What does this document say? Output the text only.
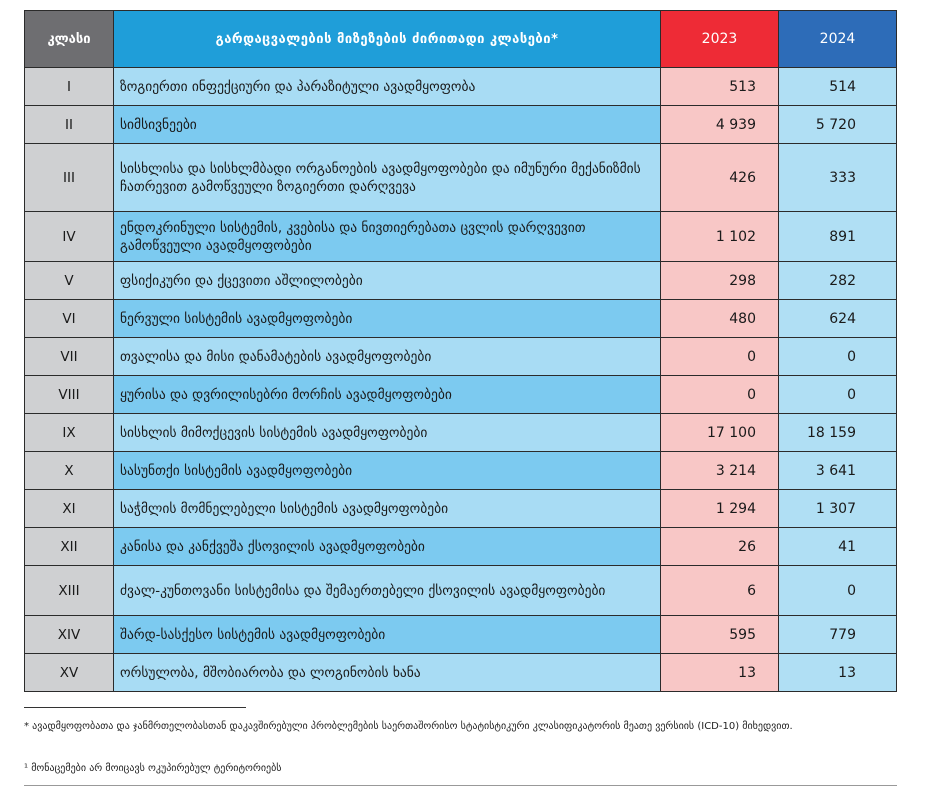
კლასი	გარდაცვალების მიზეზების ძირითადი კლასები*	2023	2024
I	ზოგიერთი ინფექციური და პარაზიტული ავადმყოფობა	513	514
II	სიმსივნეები	4 939	5 720
III	სისხლისა და სისხლმბადი ორგანოების ავადმყოფობები და იმუნური მექანიზმის ჩათრევით გამოწვეული ზოგიერთი დარღვევა	426	333
IV	ენდოკრინული სისტემის, კვებისა და ნივთიერებათა ცვლის დარღვევით გამოწვეული ავადმყოფობები	1 102	891
V	ფსიქიკური და ქცევითი აშლილობები	298	282
VI	ნერვული სისტემის ავადმყოფობები	480	624
VII	თვალისა და მისი დანამატების ავადმყოფობები	0	0
VIII	ყურისა და დვრილისებრი მორჩის ავადმყოფობები	0	0
IX	სისხლის მიმოქცევის სისტემის ავადმყოფობები	17 100	18 159
X	სასუნთქი სისტემის ავადმყოფობები	3 214	3 641
XI	საჭმლის მომნელებელი სისტემის ავადმყოფობები	1 294	1 307
XII	კანისა და კანქვეშა ქსოვილის ავადმყოფობები	26	41
XIII	ძვალ-კუნთოვანი სისტემისა და შემაერთებელი ქსოვილის ავადმყოფობები	6	0
XIV	შარდ-სასქესო სისტემის ავადმყოფობები	595	779
XV	ორსულობა, მშობიარობა და ლოგინობის ხანა	13	13
* ავადმყოფობათა და ჯანმრთელობასთან დაკავშირებული პრობლემების საერთაშორისო სტატისტიკური კლასიფიკატორის მეათე ვერსიის (ICD-10) მიხედვით.
¹ მონაცემები არ მოიცავს ოკუპირებულ ტერიტორიებს
